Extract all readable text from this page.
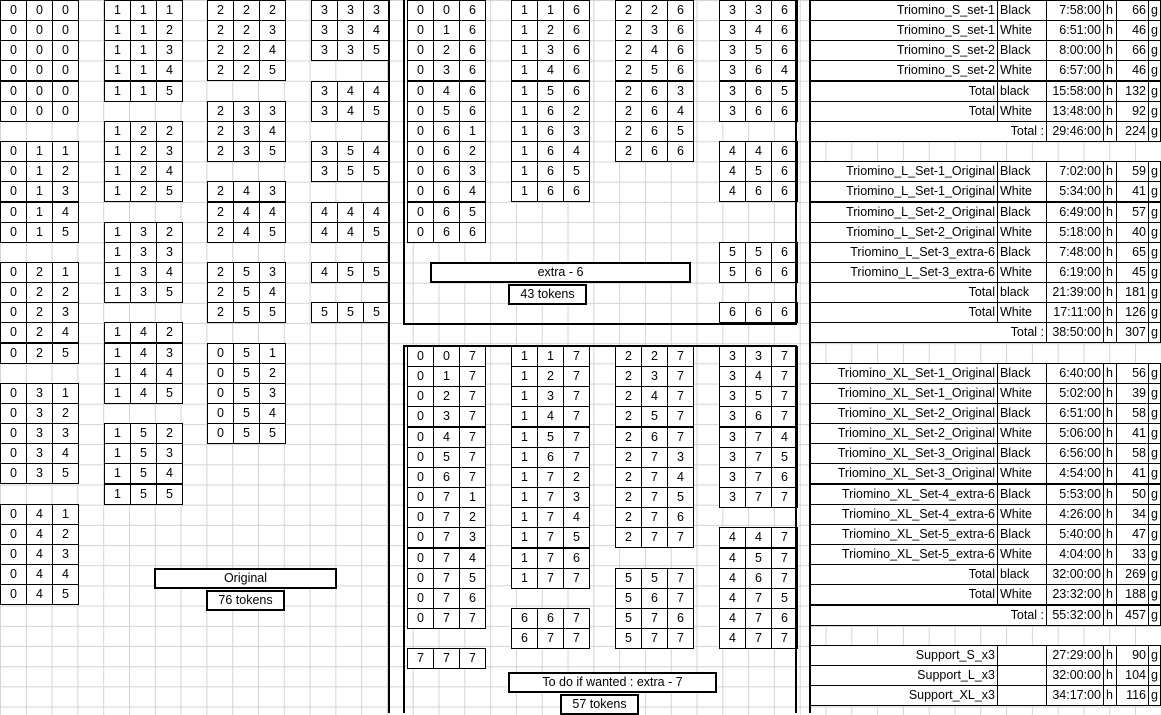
0	0	0
0	0	0
0	0	0
0	0	0
0	0	0
0	0	0
0	1	1
0	1	2
0	1	3
0	1	4
0	1	5
0	2	1
0	2	2
0	2	3
0	2	4
0	2	5
0	3	1
0	3	2
0	3	3
0	3	4
0	3	5
0	4	1
0	4	2
0	4	3
0	4	4
0	4	5
1	1	1
1	1	2
1	1	3
1	1	4
1	1	5
1	2	2
1	2	3
1	2	4
1	2	5
1	3	2
1	3	3
1	3	4
1	3	5
1	4	2
1	4	3
1	4	4
1	4	5
1	5	2
1	5	3
1	5	4
1	5	5
2	2	2
2	2	3
2	2	4
2	2	5
2	3	3
2	3	4
2	3	5
2	4	3
2	4	4
2	4	5
2	5	3
2	5	4
2	5	5
0	5	1
0	5	2
0	5	3
0	5	4
0	5	5
3	3	3
3	3	4
3	3	5
3	4	4
3	4	5
3	5	4
3	5	5
4	4	4
4	4	5
4	5	5
5	5	5
0	0	6
0	1	6
0	2	6
0	3	6
0	4	6
0	5	6
0	6	1
0	6	2
0	6	3
0	6	4
0	6	5
0	6	6
1	1	6
1	2	6
1	3	6
1	4	6
1	5	6
1	6	2
1	6	3
1	6	4
1	6	5
1	6	6
2	2	6
2	3	6
2	4	6
2	5	6
2	6	3
2	6	4
2	6	5
2	6	6
3	3	6
3	4	6
3	5	6
3	6	4
3	6	5
3	6	6
4	4	6
4	5	6
4	6	6
5	5	6
5	6	6
6	6	6
0	0	7
0	1	7
0	2	7
0	3	7
0	4	7
0	5	7
0	6	7
0	7	1
0	7	2
0	7	3
0	7	4
0	7	5
0	7	6
0	7	7
1	1	7
1	2	7
1	3	7
1	4	7
1	5	7
1	6	7
1	7	2
1	7	3
1	7	4
1	7	5
1	7	6
1	7	7
6	6	7
6	7	7
2	2	7
2	3	7
2	4	7
2	5	7
2	6	7
2	7	3
2	7	4
2	7	5
2	7	6
2	7	7
5	5	7
5	6	7
5	7	6
5	7	7
3	3	7
3	4	7
3	5	7
3	6	7
3	7	4
3	7	5
3	7	6
3	7	7
4	4	7
4	5	7
4	6	7
4	7	5
4	7	6
4	7	7
7	7	7
Triomino_S_set-1 Black	7:58:00 h	66 g
Triomino_S_set-1 White	6:51:00 h	46 g
Triomino_S_set-2 Black	8:00:00 h	66 g
Triomino_S_set-2 White	6:57:00 h	46 g
Total black	15:58:00 h 132 g
Total White	13:48:00 h	92 g
Total : 29:46:00 h 224 g
Triomino_L_Set-1_Original Black	7:02:00 h	59 g
Triomino_L_Set-1_Original White	5:34:00 h	41 g
Triomino_L_Set-2_Original Black	6:49:00 h	57 g
Triomino_L_Set-2_Original White	5:18:00 h	40 g
Triomino_L_Set-3_extra-6 Black	7:48:00 h	65 g
Triomino_L_Set-3_extra-6 White	6:19:00 h	45 g
Total black	21:39:00 h 181 g
Total White	17:11:00 h 126 g
Total : 38:50:00 h 307 g
Triomino_XL_Set-1_Original Black	6:40:00 h	56 g
Triomino_XL_Set-1_Original White	5:02:00 h	39 g
Triomino_XL_Set-2_Original Black	6:51:00 h	58 g
Triomino_XL_Set-2_Original White	5:06:00 h	41 g
Triomino_XL_Set-3_Original Black	6:56:00 h	58 g
Triomino_XL_Set-3_Original White	4:54:00 h	41 g
Triomino_XL_Set-4_extra-6 Black	5:53:00 h	50 g
Triomino_XL_Set-4_extra-6 White	4:26:00 h	34 g
Triomino_XL_Set-5_extra-6 Black	5:40:00 h	47 g
Triomino_XL_Set-5_extra-6 White	4:04:00 h	33 g
Total black	32:00:00 h 269 g
Total White	23:32:00 h 188 g
Total : 55:32:00 h 457 g
Support_S_x3	27:29:00 h	90 g
Support_L_x3	32:00:00 h 104 g
Support_XL_x3	34:17:00 h	116 g
Original
76 tokens
extra - 6
43 tokens
To do if wanted : extra - 7
57 tokens
